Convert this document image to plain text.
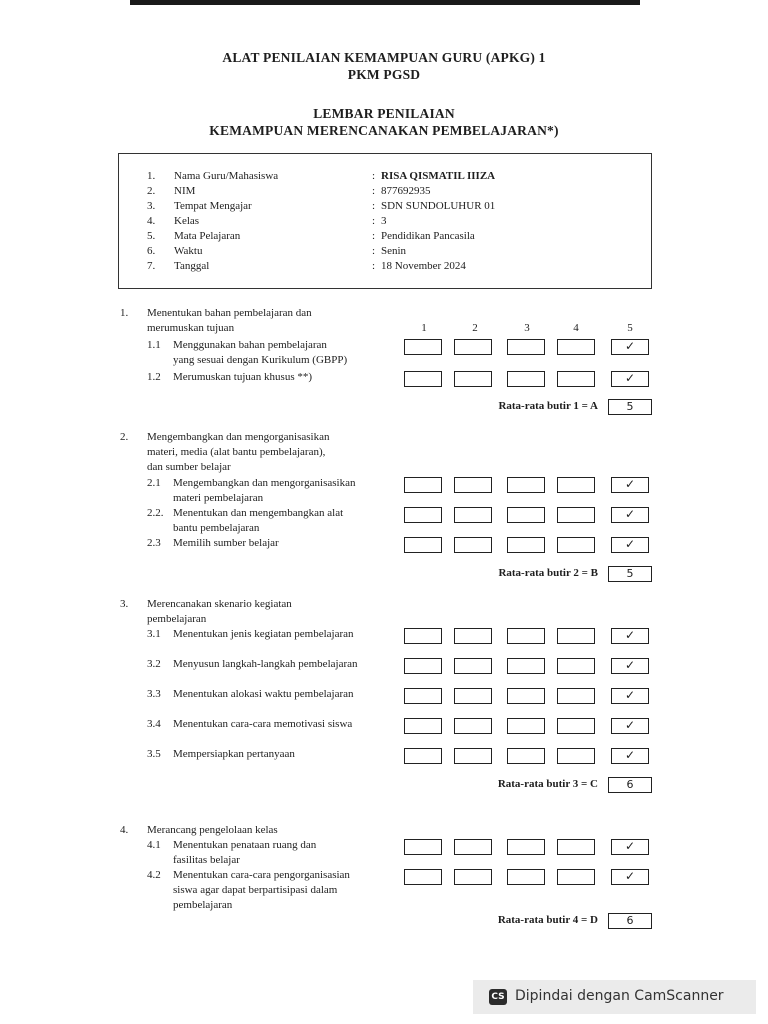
ALAT PENILAIAN KEMAMPUAN GURU (APKG) 1
PKM PGSD
LEMBAR PENILAIAN
KEMAMPUAN MERENCANAKAN PEMBELAJARAN*)
1. Nama Guru/Mahasiswa	: RISA QISMATIL IIIZA
2. NIM	: 877692935
3. Tempat Mengajar	: SDN SUNDOLUHUR 01
4. Kelas	: 3
5. Mata Pelajaran	: Pendidikan Pancasila
6. Waktu	: Senin
7. Tanggal	: 18 November 2024
1	2	3	4	5
1. Menentukan bahan pembelajaran dan
merumuskan tujuan
1.1 Menggunakan bahan pembelajaran
yang sesuai dengan Kurikulum (GBPP)
✓
1.2 Merumuskan tujuan khusus **)	✓
Rata-rata butir 1 = A	5
2. Mengembangkan dan mengorganisasikan
materi, media (alat bantu pembelajaran),
dan sumber belajar
2.1 Mengembangkan dan mengorganisasikan
materi pembelajaran
✓
2.2. Menentukan dan mengembangkan alat
bantu pembelajaran
✓
2.3 Memilih sumber belajar	✓
Rata-rata butir 2 = B	5
3. Merencanakan skenario kegiatan
pembelajaran
3.1 Menentukan jenis kegiatan pembelajaran	✓
3.2 Menyusun langkah-langkah pembelajaran	✓
3.3 Menentukan alokasi waktu pembelajaran	✓
3.4 Menentukan cara-cara memotivasi siswa	✓
3.5 Mempersiapkan pertanyaan	✓
Rata-rata butir 3 = C	6
4. Merancang pengelolaan kelas
4.1 Menentukan penataan ruang dan
fasilitas belajar
✓
4.2 Menentukan cara-cara pengorganisasian
siswa agar dapat berpartisipasi dalam
pembelajaran
✓
Rata-rata butir 4 = D	6
CS Dipindai dengan CamScanner
